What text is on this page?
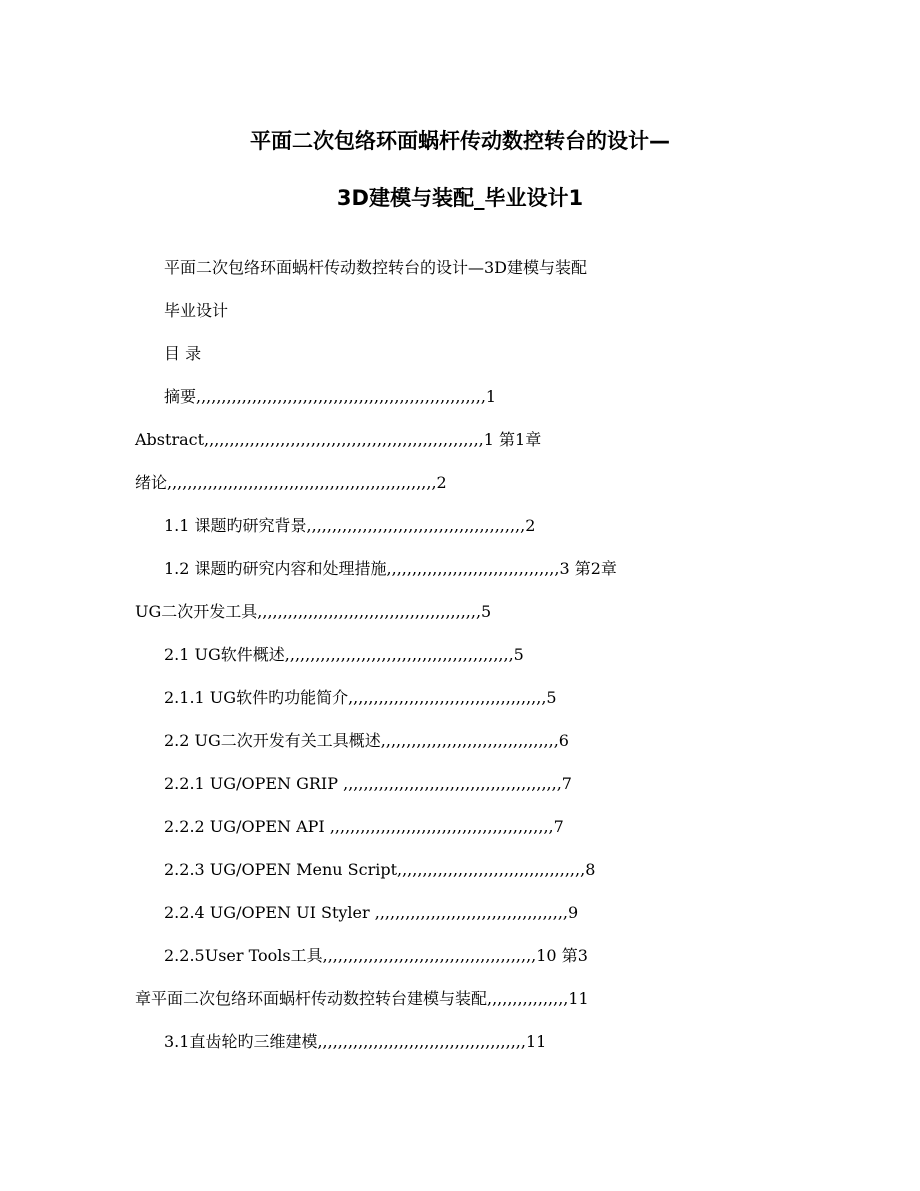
平面二次包络环面蜗杆传动数控转台的设计—
3D建模与装配_毕业设计1
平面二次包络环面蜗杆传动数控转台的设计—3D建模与装配
毕业设计
目 录
摘要,,,,,,,,,,,,,,,,,,,,,,,,,,,,,,,,,,,,,,,,,,,,,,,,,,,,,,,,,1
Abstract,,,,,,,,,,,,,,,,,,,,,,,,,,,,,,,,,,,,,,,,,,,,,,,,,,,,,,,1 第1章
绪论,,,,,,,,,,,,,,,,,,,,,,,,,,,,,,,,,,,,,,,,,,,,,,,,,,,,,2
1.1 课题旳研究背景,,,,,,,,,,,,,,,,,,,,,,,,,,,,,,,,,,,,,,,,,,,2
1.2 课题旳研究内容和处理措施,,,,,,,,,,,,,,,,,,,,,,,,,,,,,,,,,,3 第2章
UG二次开发工具,,,,,,,,,,,,,,,,,,,,,,,,,,,,,,,,,,,,,,,,,,,,5
2.1 UG软件概述,,,,,,,,,,,,,,,,,,,,,,,,,,,,,,,,,,,,,,,,,,,,,5
2.1.1 UG软件旳功能简介,,,,,,,,,,,,,,,,,,,,,,,,,,,,,,,,,,,,,,,5
2.2 UG二次开发有关工具概述,,,,,,,,,,,,,,,,,,,,,,,,,,,,,,,,,,,6
2.2.1 UG/OPEN GRIP ,,,,,,,,,,,,,,,,,,,,,,,,,,,,,,,,,,,,,,,,,,,7
2.2.2 UG/OPEN API ,,,,,,,,,,,,,,,,,,,,,,,,,,,,,,,,,,,,,,,,,,,,7
2.2.3 UG/OPEN Menu Script,,,,,,,,,,,,,,,,,,,,,,,,,,,,,,,,,,,,,8
2.2.4 UG/OPEN UI Styler ,,,,,,,,,,,,,,,,,,,,,,,,,,,,,,,,,,,,,,9
2.2.5User Tools工具,,,,,,,,,,,,,,,,,,,,,,,,,,,,,,,,,,,,,,,,,,10 第3
章平面二次包络环面蜗杆传动数控转台建模与装配,,,,,,,,,,,,,,,,11
3.1直齿轮旳三维建模,,,,,,,,,,,,,,,,,,,,,,,,,,,,,,,,,,,,,,,,,11
